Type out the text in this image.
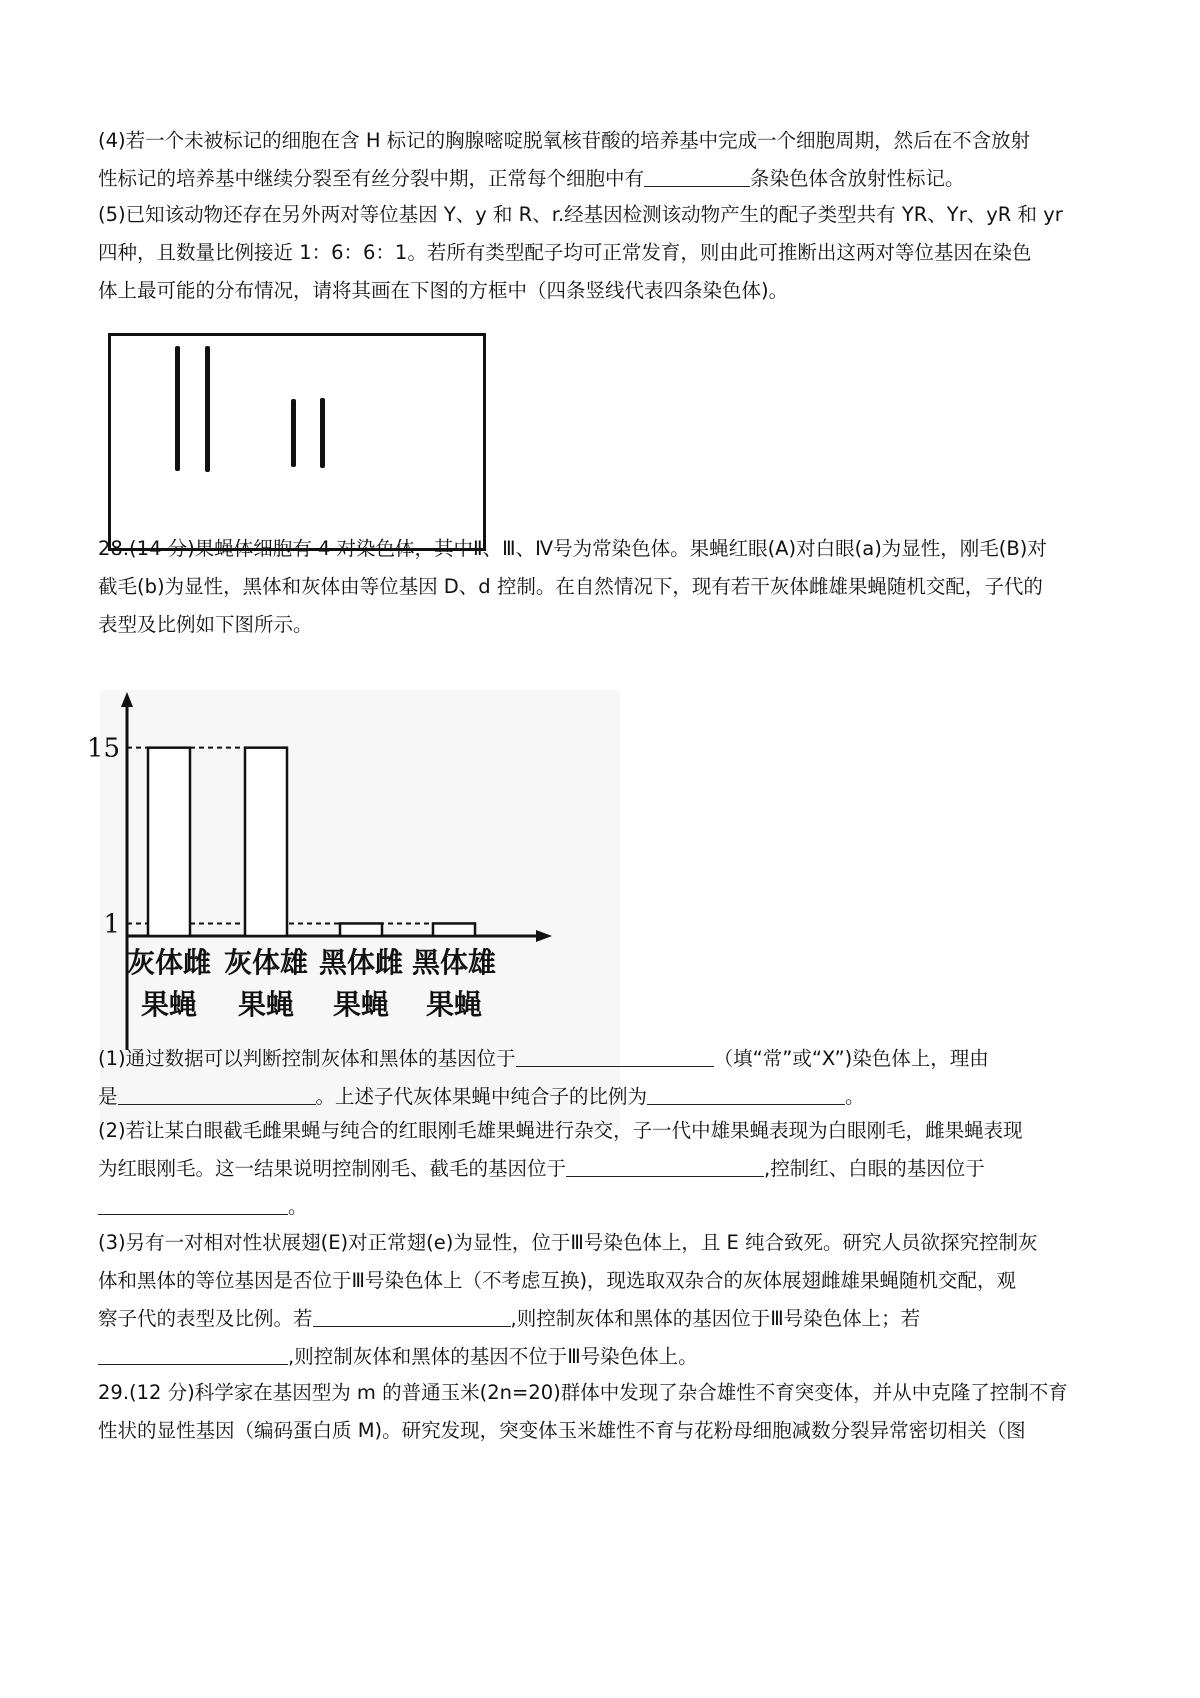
(4)若一个未被标记的细胞在含 H 标记的胸腺嘧啶脱氧核苷酸的培养基中完成一个细胞周期，然后在不含放射
性标记的培养基中继续分裂至有丝分裂中期，正常每个细胞中有	条染色体含放射性标记。
(5)已知该动物还存在另外两对等位基因 Y、y 和 R、r.经基因检测该动物产生的配子类型共有 YR、Yr、yR 和 yr
四种，且数量比例接近 1：6：6：1。若所有类型配子均可正常发育，则由此可推断出这两对等位基因在染色
体上最可能的分布情况，请将其画在下图的方框中（四条竖线代表四条染色体)。
28.(14 分)果蝇体细胞有 4 对染色体，其中Ⅱ、Ⅲ、Ⅳ号为常染色体。果蝇红眼(A)对白眼(a)为显性，刚毛(B)对
截毛(b)为显性，黑体和灰体由等位基因 D、d 控制。在自然情况下，现有若干灰体雌雄果蝇随机交配，子代的
表型及比例如下图所示。
15
1
灰体雌
果蝇
灰体雄
果蝇
黑体雌
果蝇
黑体雄
果蝇
(1)通过数据可以判断控制灰体和黑体的基因位于	（填“常”或“X”)染色体上，理由
是	。上述子代灰体果蝇中纯合子的比例为	。
(2)若让某白眼截毛雌果蝇与纯合的红眼刚毛雄果蝇进行杂交，子一代中雄果蝇表现为白眼刚毛，雌果蝇表现
为红眼刚毛。这一结果说明控制刚毛、截毛的基因位于	,控制红、白眼的基因位于
。
(3)另有一对相对性状展翅(E)对正常翅(e)为显性，位于Ⅲ号染色体上，且 E 纯合致死。研究人员欲探究控制灰
体和黑体的等位基因是否位于Ⅲ号染色体上（不考虑互换)，现选取双杂合的灰体展翅雌雄果蝇随机交配，观
察子代的表型及比例。若	,则控制灰体和黑体的基因位于Ⅲ号染色体上；若
,则控制灰体和黑体的基因不位于Ⅲ号染色体上。
29.(12 分)科学家在基因型为 m 的普通玉米(2n=20)群体中发现了杂合雄性不育突变体，并从中克隆了控制不育
性状的显性基因（编码蛋白质 M)。研究发现，突变体玉米雄性不育与花粉母细胞减数分裂异常密切相关（图
